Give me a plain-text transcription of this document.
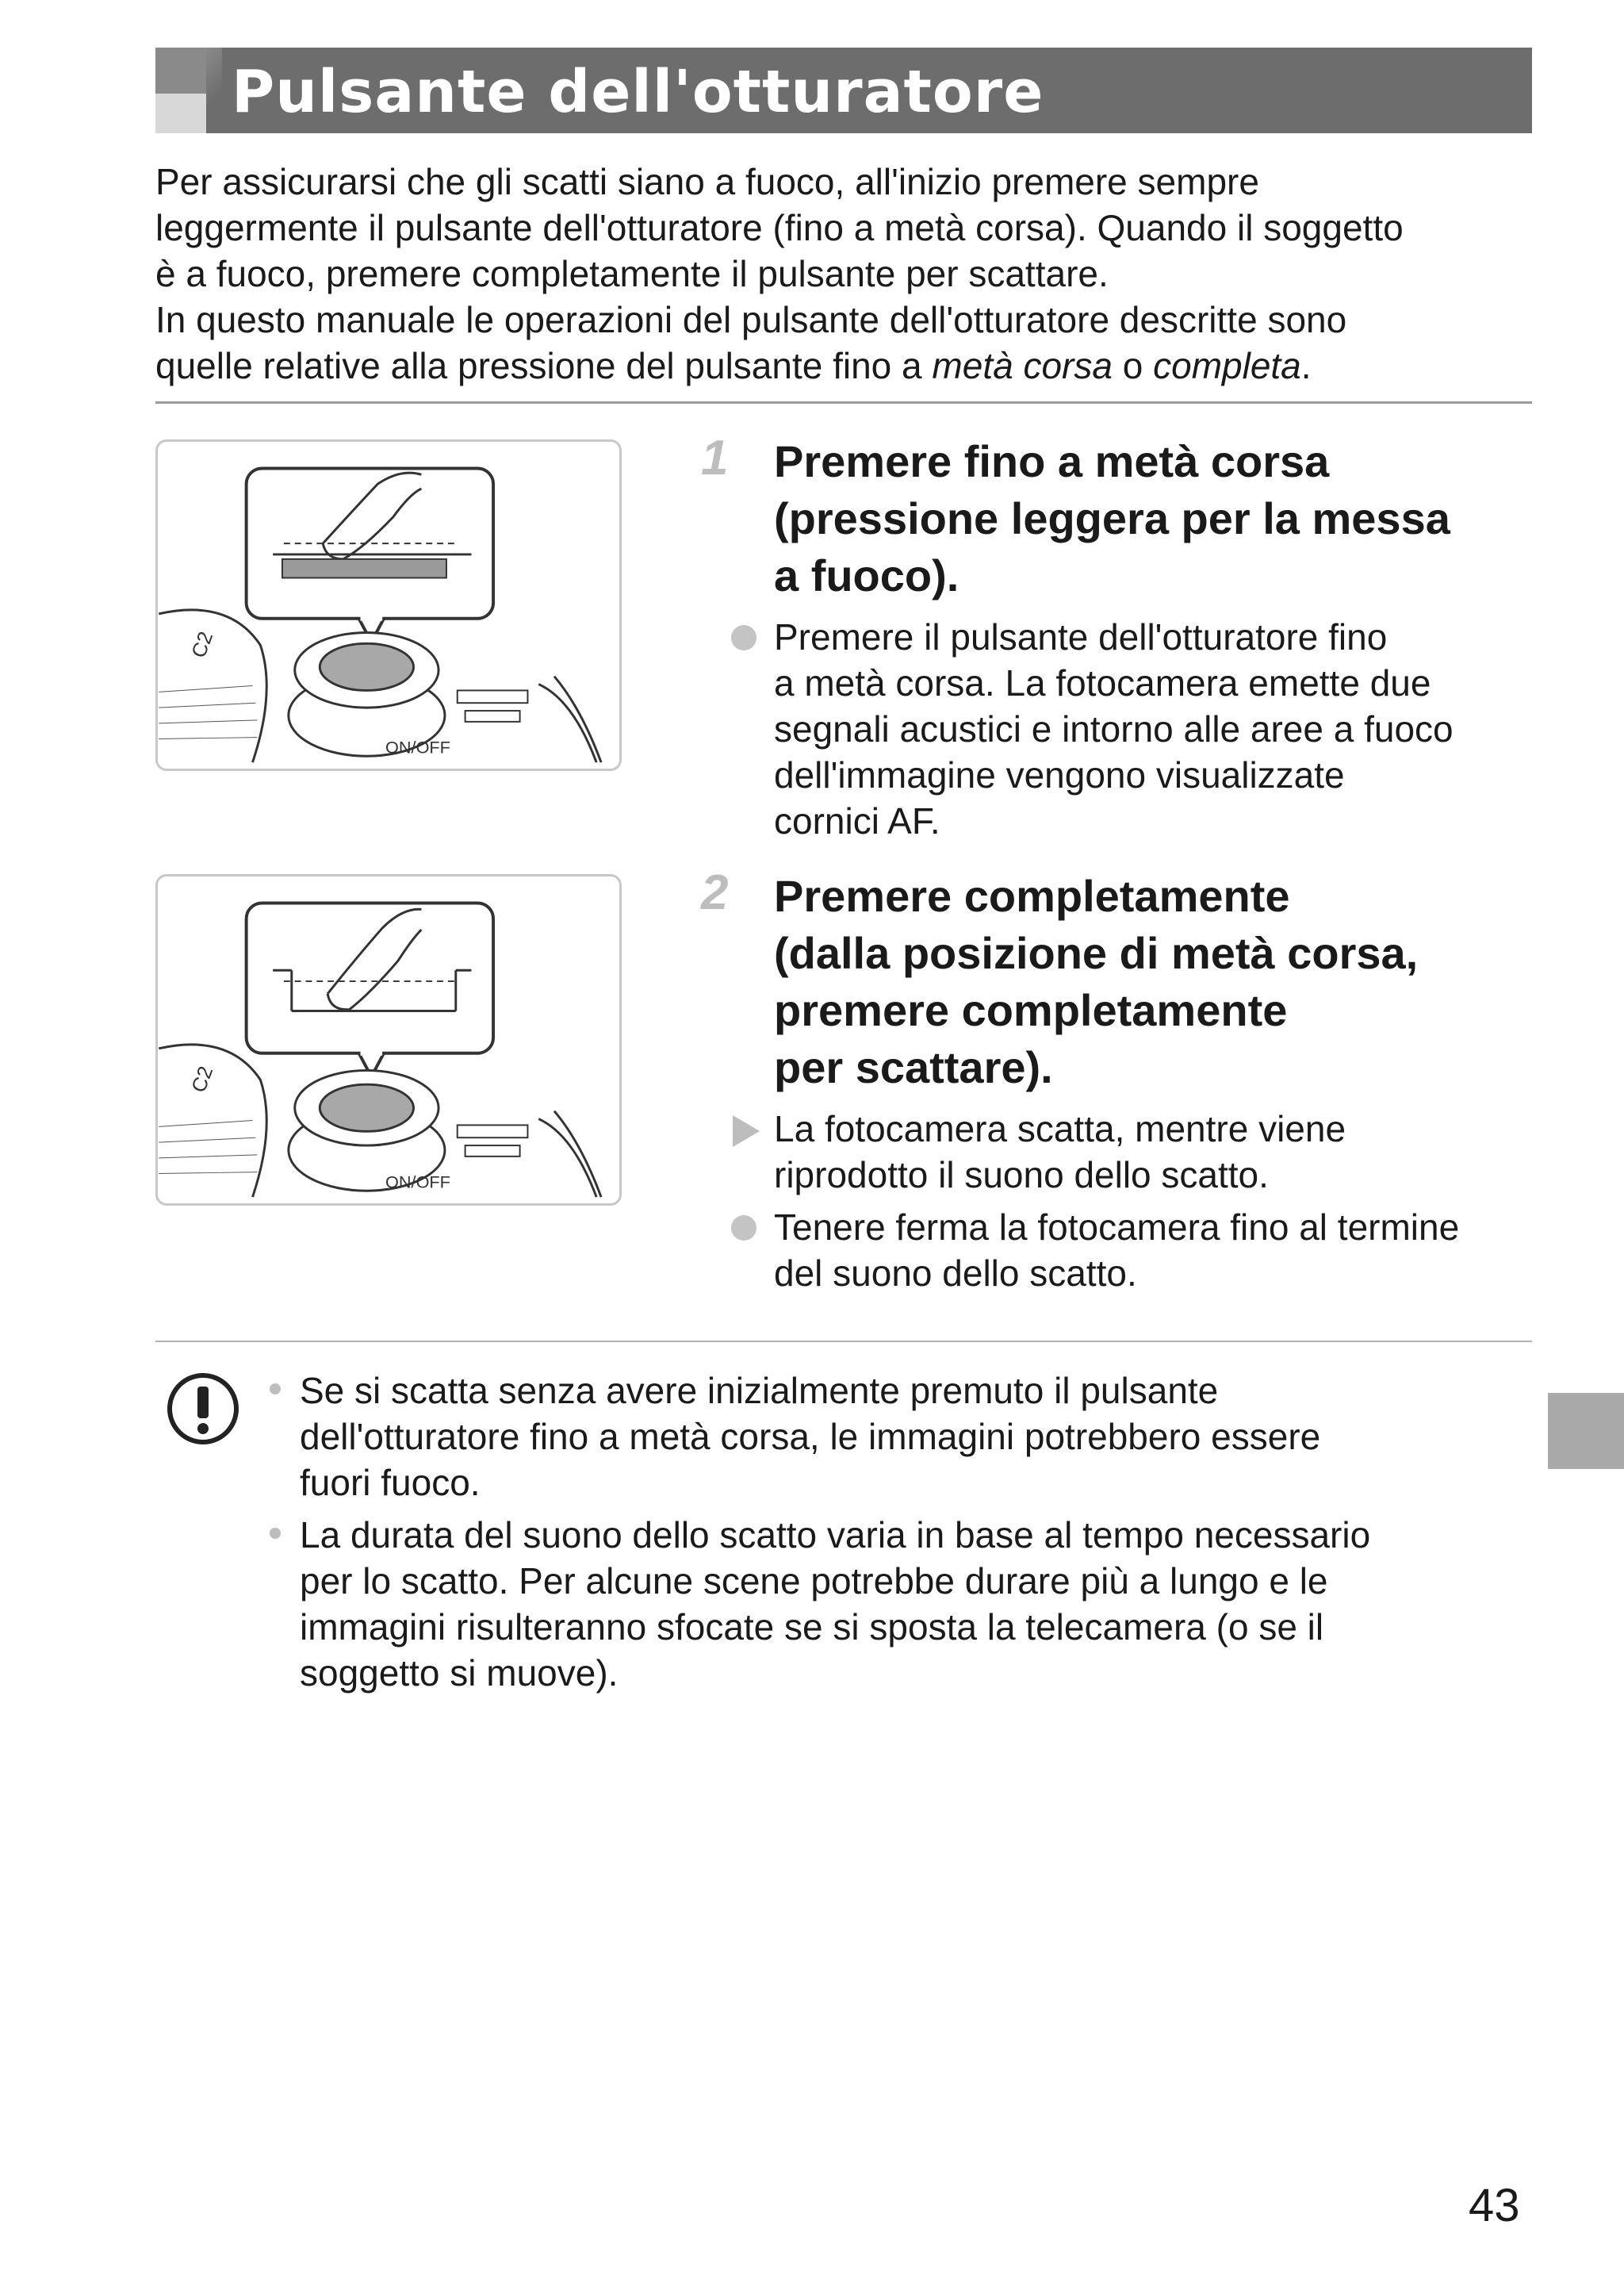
Pulsante dell'otturatore

Per assicurarsi che gli scatti siano a fuoco, all'inizio premere sempre

leggermente il pulsante dell'otturatore (fino a metà corsa). Quando il soggetto

è a fuoco, premere completamente il pulsante per scattare.

In questo manuale le operazioni del pulsante dell'otturatore descritte sono

quelle relative alla pressione del pulsante fino a metà corsa o completa.

C2
ON/OFF
1 Premere fino a metà corsa
(pressione leggera per la messa
a fuoco).
Premere il pulsante dell'otturatore fino
a metà corsa. La fotocamera emette due
segnali acustici e intorno alle aree a fuoco
dell'immagine vengono visualizzate
cornici AF.
C2
ON/OFF
2 Premere completamente
(dalla posizione di metà corsa,
premere completamente
per scattare).
La fotocamera scatta, mentre viene
riprodotto il suono dello scatto.
Tenere ferma la fotocamera fino al termine
del suono dello scatto.
Se si scatta senza avere inizialmente premuto il pulsante
dell'otturatore fino a metà corsa, le immagini potrebbero essere
fuori fuoco.
La durata del suono dello scatto varia in base al tempo necessario
per lo scatto. Per alcune scene potrebbe durare più a lungo e le
immagini risulteranno sfocate se si sposta la telecamera (o se il
soggetto si muove).
43
